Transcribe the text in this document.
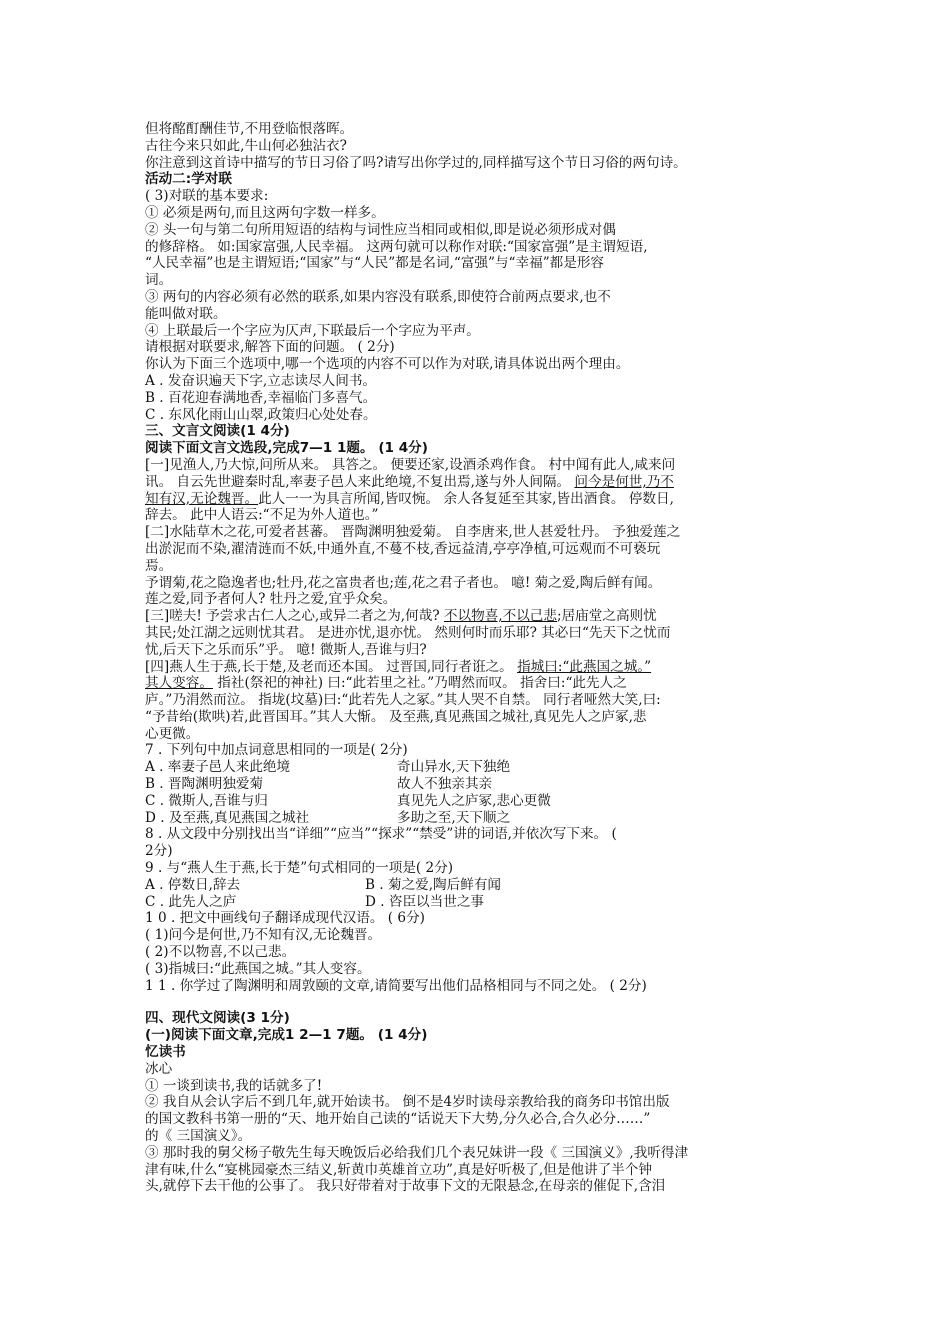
但将酩酊酬佳节,不用登临恨落晖。

古往今来只如此,牛山何必独沾衣?

你注意到这首诗中描写的节日习俗了吗?请写出你学过的,同样描写这个节日习俗的两句诗。

活动二:学对联

( 3)对联的基本要求:

① 必须是两句,而且这两句字数一样多。

② 头一句与第二句所用短语的结构与词性应当相同或相似,即是说必须形成对偶

的修辞格。 如:国家富强,人民幸福。 这两句就可以称作对联:“国家富强”是主谓短语,

“人民幸福”也是主谓短语;“国家”与“人民”都是名词,“富强”与“幸福”都是形容

词。

③ 两句的内容必须有必然的联系,如果内容没有联系,即使符合前两点要求,也不

能叫做对联。

④ 上联最后一个字应为仄声,下联最后一个字应为平声。

请根据对联要求,解答下面的问题。 ( 2分)

你认为下面三个选项中,哪一个选项的内容不可以作为对联,请具体说出两个理由。

A . 发奋识遍天下字,立志读尽人间书。

B . 百花迎春满地香,幸福临门多喜气。

C . 东风化雨山山翠,政策归心处处春。

三、文言文阅读(1 4分)

阅读下面文言文选段,完成7—1 1题。 (1 4分)

[一]见渔人,乃大惊,问所从来。 具答之。 便要还家,设酒杀鸡作食。 村中闻有此人,咸来问

讯。 自云先世避秦时乱,率妻子邑人来此绝境,不复出焉,遂与外人间隔。 问今是何世,乃不

知有汉,无论魏晋。此人一一为具言所闻,皆叹惋。 余人各复延至其家,皆出酒食。 停数日,

辞去。 此中人语云:“不足为外人道也。”

[二]水陆草木之花,可爱者甚蕃。 晋陶渊明独爱菊。 自李唐来,世人甚爱牡丹。 予独爱莲之

出淤泥而不染,濯清涟而不妖,中通外直,不蔓不枝,香远益清,亭亭净植,可远观而不可亵玩

焉。

予谓菊,花之隐逸者也;牡丹,花之富贵者也;莲,花之君子者也。 噫! 菊之爱,陶后鲜有闻。

莲之爱,同予者何人? 牡丹之爱,宜乎众矣。

[三]嗟夫! 予尝求古仁人之心,或异二者之为,何哉? 不以物喜,不以己悲;居庙堂之高则忧

其民;处江湖之远则忧其君。 是进亦忧,退亦忧。 然则何时而乐耶? 其必曰“先天下之忧而

忧,后天下之乐而乐”乎。 噫! 微斯人,吾谁与归?

[四]燕人生于燕,长于楚,及老而还本国。 过晋国,同行者诳之。 指城曰:“此燕国之城。”

其人变容。 指社(祭祀的神社) 曰:“此若里之社。”乃喟然而叹。 指舍曰:“此先人之

庐。”乃涓然而泣。 指垅(坟墓)曰:“此若先人之冢。”其人哭不自禁。 同行者哑然大笑,曰:

“予昔绐(欺哄)若,此晋国耳。”其人大惭。 及至燕,真见燕国之城社,真见先人之庐冢,悲

心更微。

7 . 下列句中加点词意思相同的一项是( 2分)

A . 率妻子邑人来此绝境	奇山异水,天下独绝
B . 晋陶渊明独爱菊	故人不独亲其亲
C . 微斯人,吾谁与归	真见先人之庐冢,悲心更微
D . 及至燕,真见燕国之城社	多助之至,天下顺之

8 . 从文段中分别找出当“详细”“应当”“探求”“禁受”讲的词语,并依次写下来。 (

2分)

9 . 与“燕人生于燕,长于楚”句式相同的一项是( 2分)

A . 停数日,辞去	B . 菊之爱,陶后鲜有闻
C . 此先人之庐	D . 咨臣以当世之事

1 0 . 把文中画线句子翻译成现代汉语。 ( 6分)

( 1)问今是何世,乃不知有汉,无论魏晋。

( 2)不以物喜,不以己悲。

( 3)指城曰:“此燕国之城。”其人变容。

1 1 . 你学过了陶渊明和周敦颐的文章,请简要写出他们品格相同与不同之处。 ( 2分)

四、现代文阅读(3 1分)

(一)阅读下面文章,完成1 2—1 7题。 (1 4分)

忆读书

冰心

① 一谈到读书,我的话就多了!

② 我自从会认字后不到几年,就开始读书。 倒不是4岁时读母亲教给我的商务印书馆出版

的国文教科书第一册的“天、地开始自己读的“话说天下大势,分久必合,合久必分……”

的《 三国演义》。

③ 那时我的舅父杨子敬先生每天晚饭后必给我们几个表兄妹讲一段《 三国演义》,我听得津

津有味,什么“宴桃园豪杰三结义,斩黄巾英雄首立功”,真是好听极了,但是他讲了半个钟

头,就停下去干他的公事了。 我只好带着对于故事下文的无限悬念,在母亲的催促下,含泪
